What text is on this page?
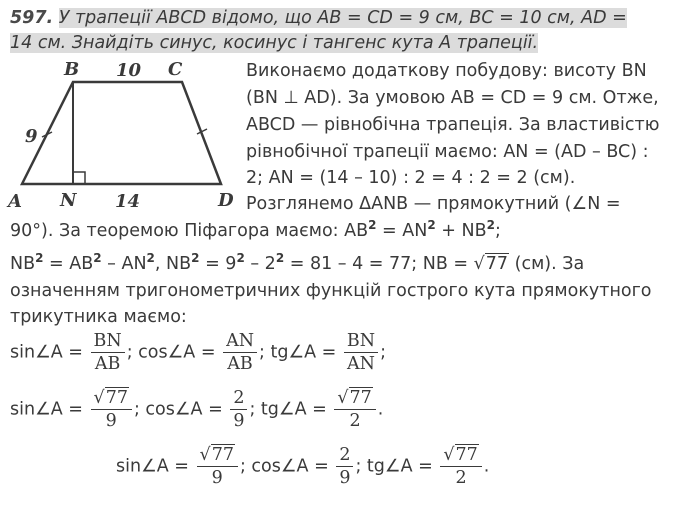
597. У трапеції ABCD відомо, що AB = CD = 9 см, BC = 10 см, AD =
14 см. Знайдіть синус, косинус і тангенс кута A трапеції.
B	C
A N	D
10
9
14
Виконаємо додаткову побудову: висоту BN
(BN ⊥ AD). За умовою AB = CD = 9 см. Отже,
ABCD — рівнобічна трапеція. За властивістю
рівнобічної трапеції маємо: AN = (AD – BC) :
2; AN = (14 – 10) : 2 = 4 : 2 = 2 (см).
Розглянемо ΔANB — прямокутний (∠N =
90°). За теоремою Піфагора маємо: $AB^2 = AN^2 + NB^2$;
$NB^2 = AB^2 - AN^2$, $NB^2 = 9^2 - 2^2 = 81 - 4 = 77$; NB = √77 (см). За
означенням тригонометричних функцій гострого кута прямокутного
трикутника маємо:
sin∠A = $\frac{BN}{AB}$ ; cos∠A = $\frac{AN}{AB}$ ; tg∠A = $\frac{BN}{AN}$ ;
sin∠A = $\frac{√77}{9}$ ; cos∠A = $\frac{2}{9}$ ; tg∠A = $\frac{√77}{2}$ .
sin∠A = $\frac{√77}{9}$ ; cos∠A = $\frac{2}{9}$ ; tg∠A = $\frac{√77}{2}$ .
